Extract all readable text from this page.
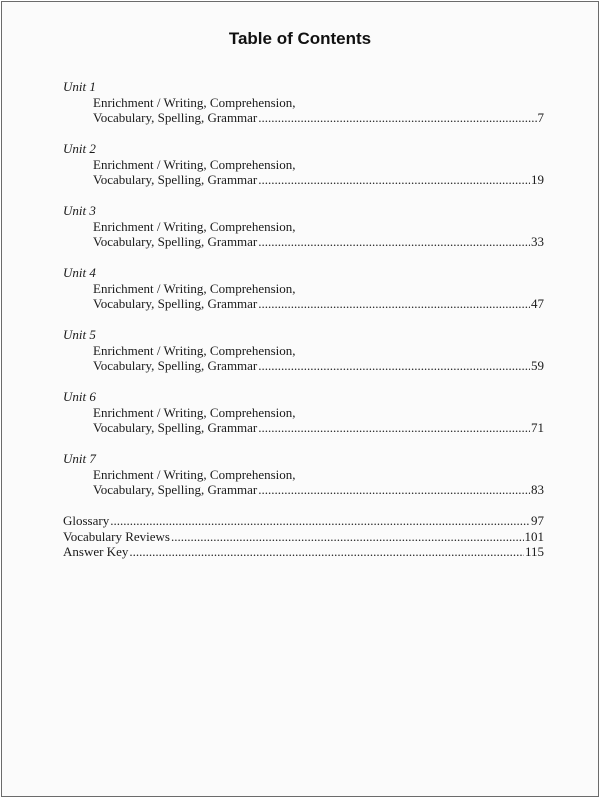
Table of Contents
Unit 1
Enrichment / Writing, Comprehension,
Vocabulary, Spelling, Grammar .....	7
Unit 2
Enrichment / Writing, Comprehension,
Vocabulary, Spelling, Grammar .....	19
Unit 3
Enrichment / Writing, Comprehension,
Vocabulary, Spelling, Grammar .....	33
Unit 4
Enrichment / Writing, Comprehension,
Vocabulary, Spelling, Grammar .....	47
Unit 5
Enrichment / Writing, Comprehension,
Vocabulary, Spelling, Grammar .....	59
Unit 6
Enrichment / Writing, Comprehension,
Vocabulary, Spelling, Grammar .....	71
Unit 7
Enrichment / Writing, Comprehension,
Vocabulary, Spelling, Grammar .....	83
Glossary .....	97
Vocabulary Reviews .....	101
Answer Key .....	115
